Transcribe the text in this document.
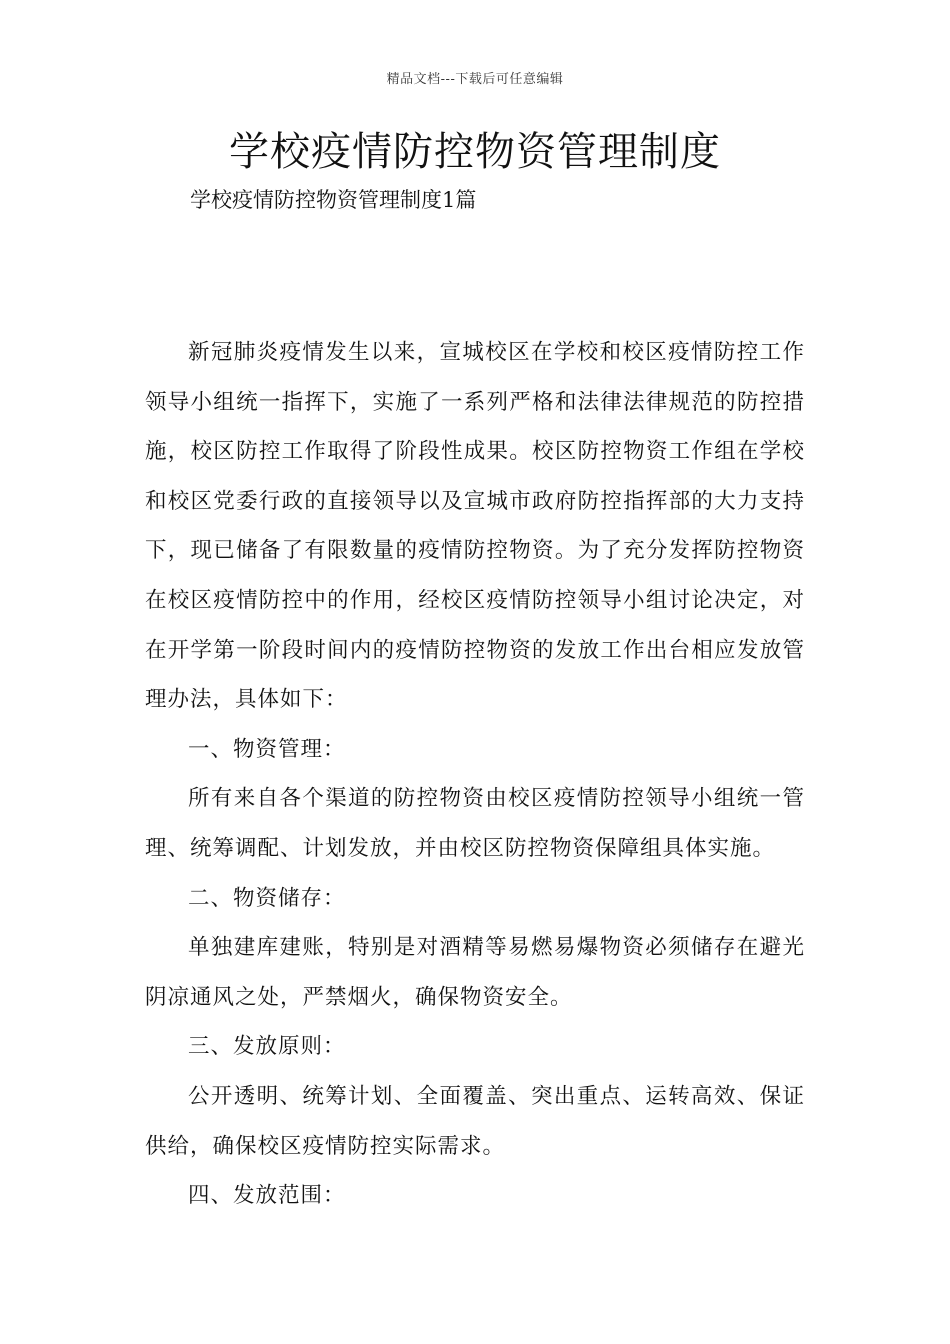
精品文档---下载后可任意编辑
学校疫情防控物资管理制度

学校疫情防控物资管理制度1篇

新冠肺炎疫情发生以来，宣城校区在学校和校区疫情防控工作领导小组统一指挥下，实施了一系列严格和法律法律规范的防控措施，校区防控工作取得了阶段性成果。校区防控物资工作组在学校和校区党委行政的直接领导以及宣城市政府防控指挥部的大力支持下，现已储备了有限数量的疫情防控物资。为了充分发挥防控物资在校区疫情防控中的作用，经校区疫情防控领导小组讨论决定，对在开学第一阶段时间内的疫情防控物资的发放工作出台相应发放管理办法，具体如下：

一、物资管理：

所有来自各个渠道的防控物资由校区疫情防控领导小组统一管理、统筹调配、计划发放，并由校区防控物资保障组具体实施。

二、物资储存：

单独建库建账，特别是对酒精等易燃易爆物资必须储存在避光阴凉通风之处，严禁烟火，确保物资安全。

三、发放原则：

公开透明、统筹计划、全面覆盖、突出重点、运转高效、保证供给，确保校区疫情防控实际需求。

四、发放范围：
